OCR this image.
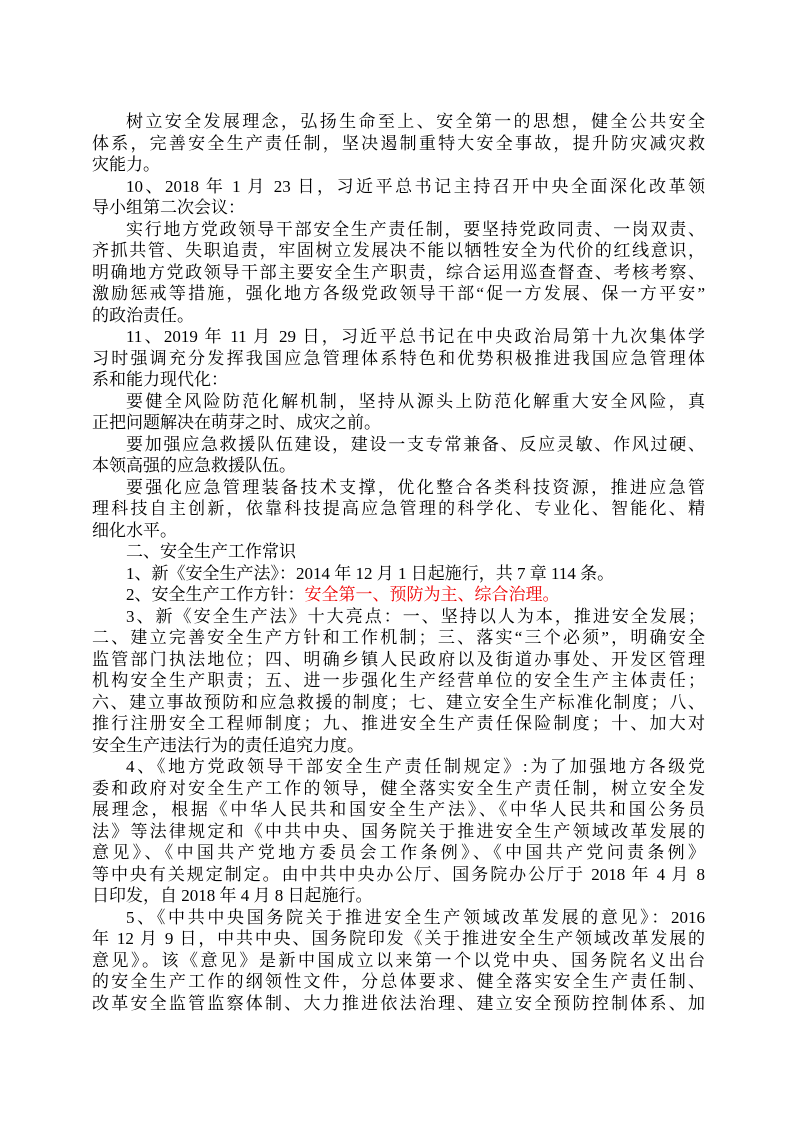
树立安全发展理念，弘扬生命至上、安全第一的思想，健全公共安全
体系，完善安全生产责任制，坚决遏制重特大安全事故，提升防灾减灾救
灾能力。
10、2018 年 1 月 23 日，习近平总书记主持召开中央全面深化改革领
导小组第二次会议：
实行地方党政领导干部安全生产责任制，要坚持党政同责、一岗双责、
齐抓共管、失职追责，牢固树立发展决不能以牺牲安全为代价的红线意识，
明确地方党政领导干部主要安全生产职责，综合运用巡查督查、考核考察、
激励惩戒等措施，强化地方各级党政领导干部“促一方发展、保一方平安”
的政治责任。
11、2019 年 11 月 29 日，习近平总书记在中央政治局第十九次集体学
习时强调充分发挥我国应急管理体系特色和优势积极推进我国应急管理体
系和能力现代化：
要健全风险防范化解机制，坚持从源头上防范化解重大安全风险，真
正把问题解决在萌芽之时、成灾之前。
要加强应急救援队伍建设，建设一支专常兼备、反应灵敏、作风过硬、
本领高强的应急救援队伍。
要强化应急管理装备技术支撑，优化整合各类科技资源，推进应急管
理科技自主创新，依靠科技提高应急管理的科学化、专业化、智能化、精
细化水平。
二、安全生产工作常识
1、新《安全生产法》：2014 年 12 月 1 日起施行，共 7 章 114 条。
2、安全生产工作方针：安全第一、预防为主、综合治理。
3、新《安全生产法》十大亮点：一、坚持以人为本，推进安全发展；
二、建立完善安全生产方针和工作机制；三、落实“三个必须”，明确安全
监管部门执法地位；四、明确乡镇人民政府以及街道办事处、开发区管理
机构安全生产职责；五、进一步强化生产经营单位的安全生产主体责任；
六、建立事故预防和应急救援的制度；七、建立安全生产标准化制度；八、
推行注册安全工程师制度；九、推进安全生产责任保险制度；十、加大对
安全生产违法行为的责任追究力度。
4、《地方党政领导干部安全生产责任制规定》:为了加强地方各级党
委和政府对安全生产工作的领导，健全落实安全生产责任制，树立安全发
展理念，根据《中华人民共和国安全生产法》、《中华人民共和国公务员
法》等法律规定和《中共中央、国务院关于推进安全生产领域改革发展的
意见》、《中国共产党地方委员会工作条例》、《中国共产党问责条例》
等中央有关规定制定。由中共中央办公厅、国务院办公厅于 2018 年 4 月 8
日印发，自 2018 年 4 月 8 日起施行。
5、《中共中央国务院关于推进安全生产领域改革发展的意见》：2016
年 12 月 9 日，中共中央、国务院印发《关于推进安全生产领域改革发展的
意见》。该《意见》是新中国成立以来第一个以党中央、国务院名义出台
的安全生产工作的纲领性文件，分总体要求、健全落实安全生产责任制、
改革安全监管监察体制、大力推进依法治理、建立安全预防控制体系、加
